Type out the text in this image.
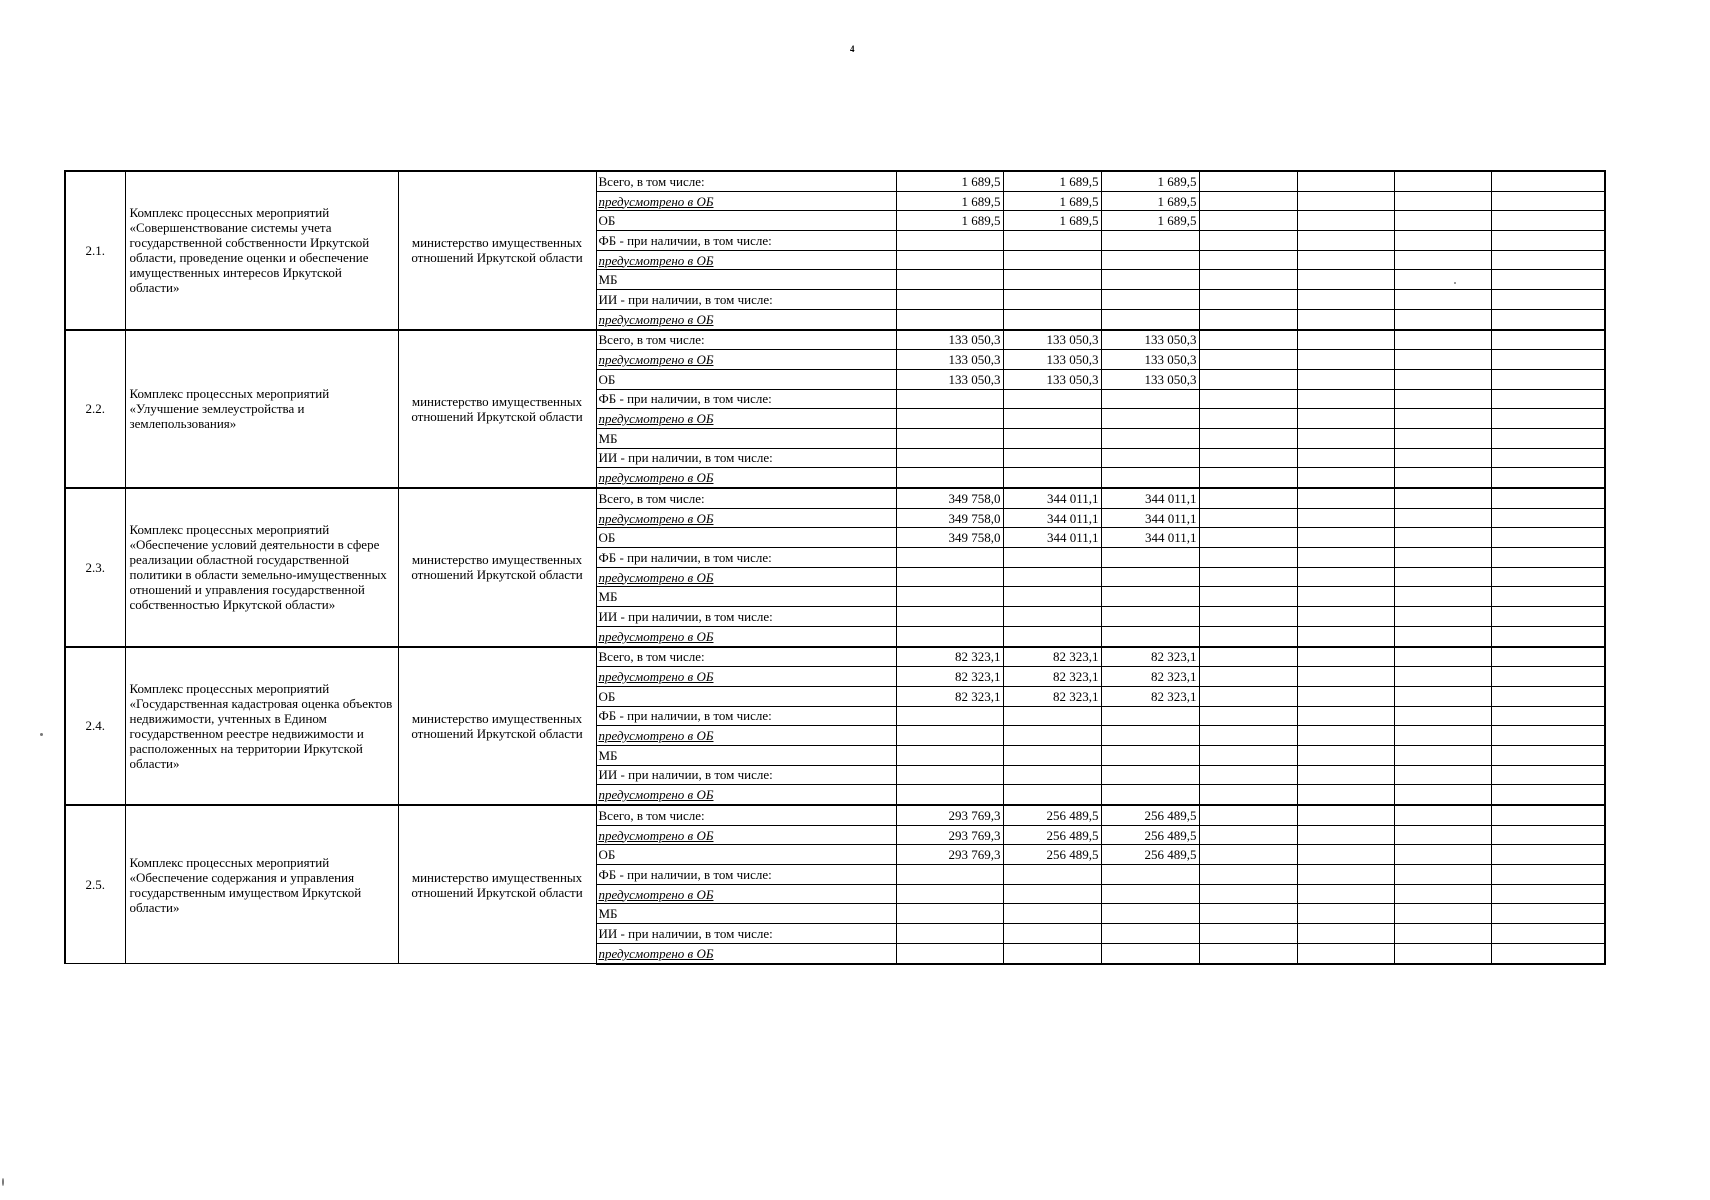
4
2.1.	Комплекс процессных мероприятий «Совершенствование системы учета государственной собственности Иркутской области, проведение оценки и обеспечение имущественных интересов Иркутской области»	министерство имущественных отношений Иркутской области	Всего, в том числе:	1 689,5	1 689,5	1 689,5				
			предусмотрено в ОБ	1 689,5	1 689,5	1 689,5				
			ОБ	1 689,5	1 689,5	1 689,5				
			ФБ - при наличии, в том числе:							
			предусмотрено в ОБ							
			МБ							
			ИИ - при наличии, в том числе:							
			предусмотрено в ОБ							
2.2.	Комплекс процессных мероприятий «Улучшение землеустройства и землепользования»	министерство имущественных отношений Иркутской области	Всего, в том числе:	133 050,3	133 050,3	133 050,3				
			предусмотрено в ОБ	133 050,3	133 050,3	133 050,3				
			ОБ	133 050,3	133 050,3	133 050,3				
			ФБ - при наличии, в том числе:							
			предусмотрено в ОБ							
			МБ							
			ИИ - при наличии, в том числе:							
			предусмотрено в ОБ							
2.3.	Комплекс процессных мероприятий «Обеспечение условий деятельности в сфере реализации областной государственной политики в области земельно-имущественных отношений и управления государственной собственностью Иркутской области»	министерство имущественных отношений Иркутской области	Всего, в том числе:	349 758,0	344 011,1	344 011,1				
			предусмотрено в ОБ	349 758,0	344 011,1	344 011,1				
			ОБ	349 758,0	344 011,1	344 011,1				
			ФБ - при наличии, в том числе:							
			предусмотрено в ОБ							
			МБ							
			ИИ - при наличии, в том числе:							
			предусмотрено в ОБ							
2.4.	Комплекс процессных мероприятий «Государственная кадастровая оценка объектов недвижимости, учтенных в Едином государственном реестре недвижимости и расположенных на территории Иркутской области»	министерство имущественных отношений Иркутской области	Всего, в том числе:	82 323,1	82 323,1	82 323,1				
			предусмотрено в ОБ	82 323,1	82 323,1	82 323,1				
			ОБ	82 323,1	82 323,1	82 323,1				
			ФБ - при наличии, в том числе:							
			предусмотрено в ОБ							
			МБ							
			ИИ - при наличии, в том числе:							
			предусмотрено в ОБ							
2.5.	Комплекс процессных мероприятий «Обеспечение содержания и управления государственным имуществом Иркутской области»	министерство имущественных отношений Иркутской области	Всего, в том числе:	293 769,3	256 489,5	256 489,5				
			предусмотрено в ОБ	293 769,3	256 489,5	256 489,5				
			ОБ	293 769,3	256 489,5	256 489,5				
			ФБ - при наличии, в том числе:							
			предусмотрено в ОБ							
			МБ							
			ИИ - при наличии, в том числе:							
			предусмотрено в ОБ							
